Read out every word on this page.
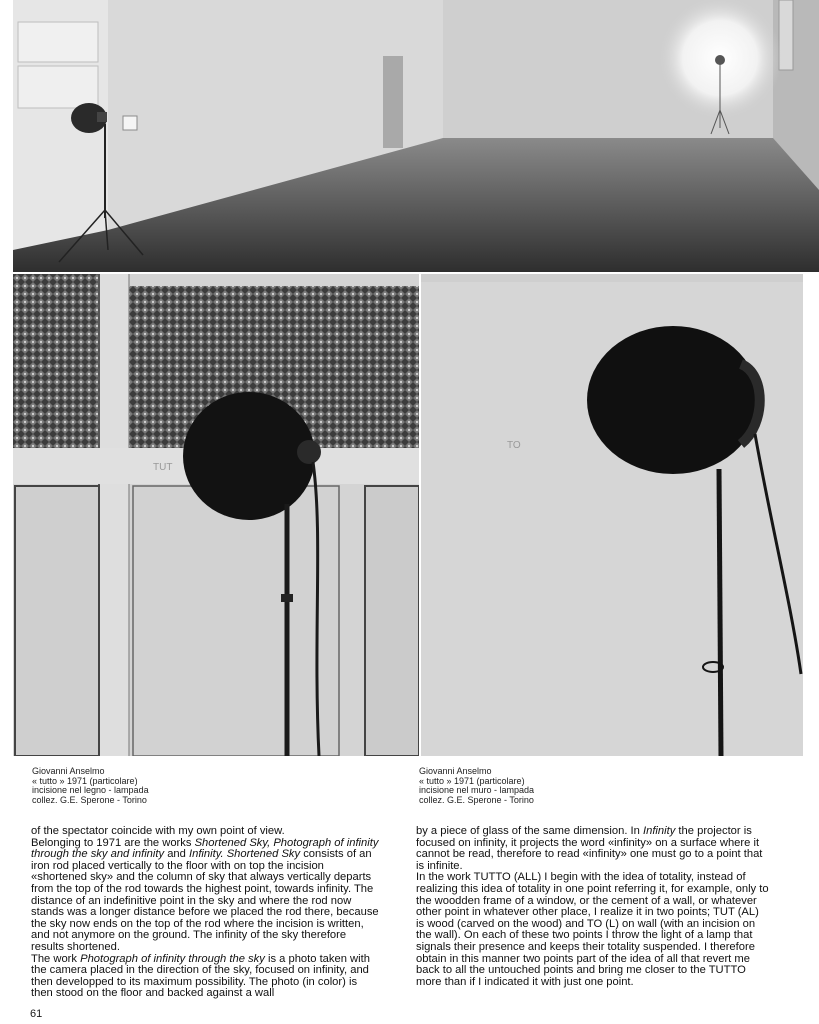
TUT
TO
Giovanni Anselmo
« tutto » 1971 (particolare)
incisione nel legno - lampada
collez. G.E. Sperone - Torino
Giovanni Anselmo
« tutto » 1971 (particolare)
incisione nel muro - lampada
collez. G.E. Sperone - Torino

of the spectator coincide with my own point of view.

Belonging to 1971 are the works Shortened Sky, Photograph of infinity through the sky and infinity and Infinity. Shortened Sky consists of an iron rod placed vertically to the floor with on top the incision «shortened sky» and the column of sky that always vertically departs from the top of the rod towards the highest point, towards infinity. The distance of an indefinitive point in the sky and where the rod now stands was a longer distance before we placed the rod there, because the sky now ends on the top of the rod where the incision is written, and not anymore on the ground. The infinity of the sky therefore results shortened.

The work Photograph of infinity through the sky is a photo taken with the camera placed in the direction of the sky, focused on infinity, and then developped to its maximum possibility. The photo (in color) is then stood on the floor and backed against a wall

by a piece of glass of the same dimension. In Infinity the projector is focused on infinity, it projects the word «infinity» on a surface where it cannot be read, therefore to read «infinity» one must go to a point that is infinite.

In the work TUTTO (ALL) I begin with the idea of totality, instead of realizing this idea of totality in one point referring it, for example, only to the woodden frame of a window, or the cement of a wall, or whatever other point in whatever other place, I realize it in two points; TUT (AL) is wood (carved on the wood) and TO (L) on wall (with an incision on the wall). On each of these two points I throw the light of a lamp that signals their presence and keeps their totality suspended. I therefore obtain in this manner two points part of the idea of all that revert me back to all the untouched points and bring me closer to the TUTTO more than if I indicated it with just one point.

61
